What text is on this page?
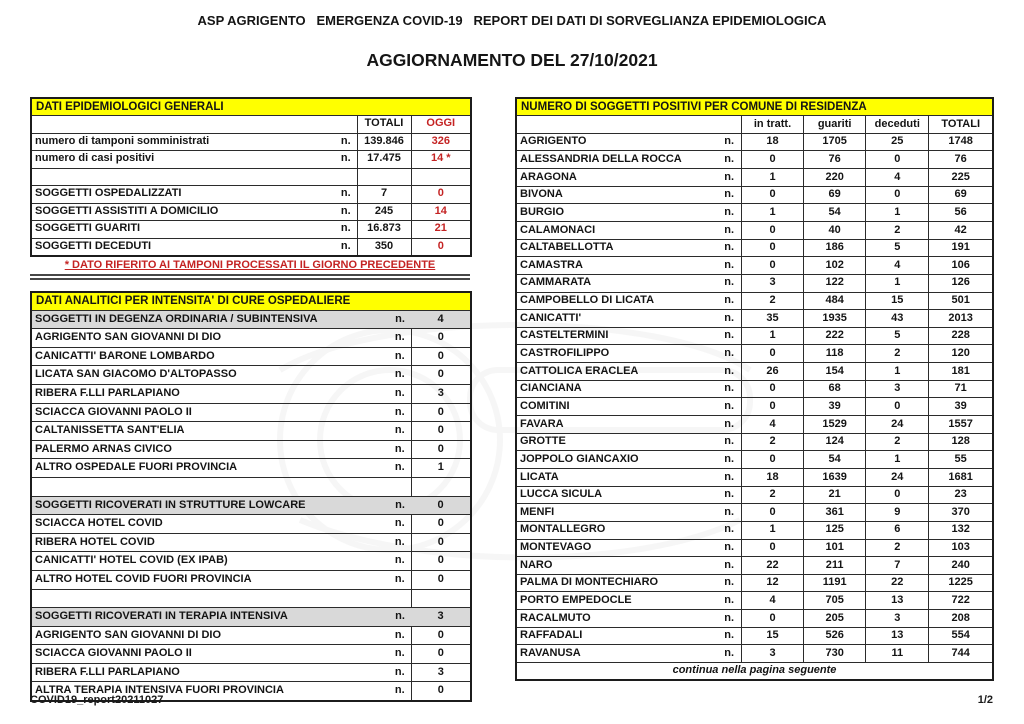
ASP AGRIGENTO   EMERGENZA COVID-19   REPORT DEI DATI DI SORVEGLIANZA EPIDEMIOLOGICA
AGGIORNAMENTO DEL 27/10/2021
DATI EPIDEMIOLOGICI GENERALI			
		TOTALI	OGGI
numero di tamponi somministrati	n.	139.846	326
numero di casi positivi	n.	17.475	14 *

SOGGETTI OSPEDALIZZATI	n.	7	0
SOGGETTI ASSISTITI A DOMICILIO	n.	245	14
SOGGETTI GUARITI	n.	16.873	21
SOGGETTI DECEDUTI	n.	350	0
* DATO RIFERITO AI TAMPONI PROCESSATI IL GIORNO PRECEDENTE
DATI ANALITICI PER INTENSITA' DI CURE OSPEDALIERE		
SOGGETTI IN DEGENZA ORDINARIA / SUBINTENSIVA	n.	4
AGRIGENTO SAN GIOVANNI DI DIO	n.	0
CANICATTI' BARONE LOMBARDO	n.	0
LICATA SAN GIACOMO D'ALTOPASSO	n.	0
RIBERA F.LLI PARLAPIANO	n.	3
SCIACCA GIOVANNI PAOLO II	n.	0
CALTANISSETTA SANT'ELIA	n.	0
PALERMO ARNAS CIVICO	n.	0
ALTRO OSPEDALE FUORI PROVINCIA	n.	1

SOGGETTI RICOVERATI IN STRUTTURE LOWCARE	n.	0
SCIACCA HOTEL COVID	n.	0
RIBERA HOTEL COVID	n.	0
CANICATTI' HOTEL COVID (EX IPAB)	n.	0
ALTRO HOTEL COVID FUORI PROVINCIA	n.	0

SOGGETTI RICOVERATI IN TERAPIA INTENSIVA	n.	3
AGRIGENTO SAN GIOVANNI DI DIO	n.	0
SCIACCA GIOVANNI PAOLO II	n.	0
RIBERA F.LLI PARLAPIANO	n.	3
ALTRA TERAPIA INTENSIVA FUORI PROVINCIA	n.	0
NUMERO DI SOGGETTI POSITIVI PER COMUNE DI RESIDENZA					
		in tratt.	guariti	deceduti	TOTALI
AGRIGENTO	n.	18	1705	25	1748
ALESSANDRIA DELLA ROCCA	n.	0	76	0	76
ARAGONA	n.	1	220	4	225
BIVONA	n.	0	69	0	69
BURGIO	n.	1	54	1	56
CALAMONACI	n.	0	40	2	42
CALTABELLOTTA	n.	0	186	5	191
CAMASTRA	n.	0	102	4	106
CAMMARATA	n.	3	122	1	126
CAMPOBELLO DI LICATA	n.	2	484	15	501
CANICATTI'	n.	35	1935	43	2013
CASTELTERMINI	n.	1	222	5	228
CASTROFILIPPO	n.	0	118	2	120
CATTOLICA ERACLEA	n.	26	154	1	181
CIANCIANA	n.	0	68	3	71
COMITINI	n.	0	39	0	39
FAVARA	n.	4	1529	24	1557
GROTTE	n.	2	124	2	128
JOPPOLO GIANCAXIO	n.	0	54	1	55
LICATA	n.	18	1639	24	1681
LUCCA SICULA	n.	2	21	0	23
MENFI	n.	0	361	9	370
MONTALLEGRO	n.	1	125	6	132
MONTEVAGO	n.	0	101	2	103
NARO	n.	22	211	7	240
PALMA DI MONTECHIARO	n.	12	1191	22	1225
PORTO EMPEDOCLE	n.	4	705	13	722
RACALMUTO	n.	0	205	3	208
RAFFADALI	n.	15	526	13	554
RAVANUSA	n.	3	730	11	744
continua nella pagina seguente					
COVID19_report20211027	1/2
